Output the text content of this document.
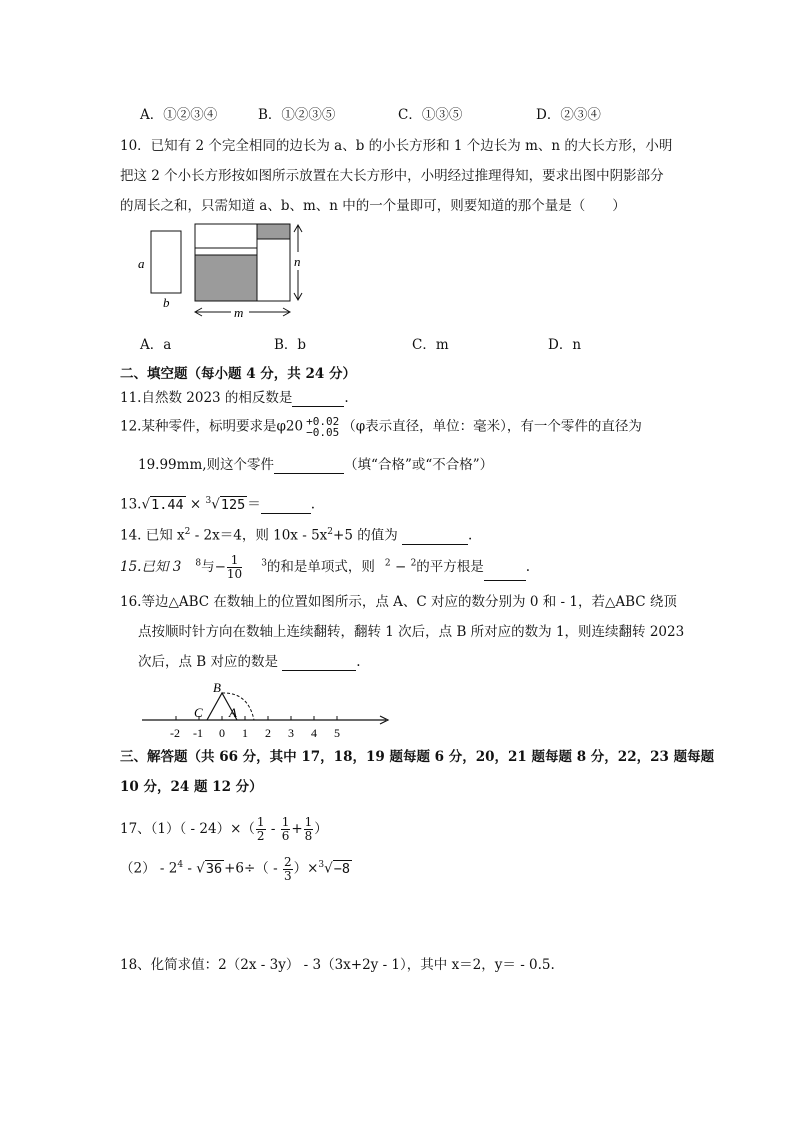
A．①②③④	B．①②③⑤	C．①③⑤	D．②③④
10．已知有 2 个完全相同的边长为 a、b 的小长方形和 1 个边长为 m、n 的大长方形，小明
把这 2 个小长方形按如图所示放置在大长方形中，小明经过推理得知，要求出图中阴影部分
的周长之和，只需知道 a、b、m、n 中的一个量即可，则要知道的那个量是（　　）
a
b
n
m
A．a	B．b	C．m	D．n
二、填空题（每小题 4 分，共 24 分）
11.自然数 2023 的相反数是	.
12.某种零件，标明要求是φ20 +0.02
−0.05 （φ表示直径，单位：毫米），有一个零件的直径为
19.99mm,则这个零件	（填“合格”或“不合格”）
13.√1.44 × $^3$√125 ＝	.
14. 已知 $x^2 - 2x=4$，则 $10x - 5x^2+5$ 的值为	.
15.已知 3 $^8$与− $\frac{1}{10} ^3$的和是单项式，则 $^2$ − $^2$的平方根是	.
16.等边△ABC 在数轴上的位置如图所示，点 A、C 对应的数分别为 0 和 - 1，若△ABC 绕顶
点按顺时针方向在数轴上连续翻转，翻转 1 次后，点 B 所对应的数为 1，则连续翻转 2023
次后，点 B 对应的数是	.
-2 -1 0 1 2 3 4 5
B
C A
三、解答题（共 66 分，其中 17，18，19 题每题 6 分，20，21 题每题 8 分，22，23 题每题
10 分，24 题 12 分）
17、$(1)( - 24)\times( \frac{1}{2} - \frac{1}{6} + \frac{1}{8}$ ）
$(2) - 2^4 - √36 +6\div( - \frac{2}{3} )\times^3√-8$
18、化简求值：2（2x - 3y） - 3（3x+2y - 1），其中 x＝2，y＝ - 0.5.
